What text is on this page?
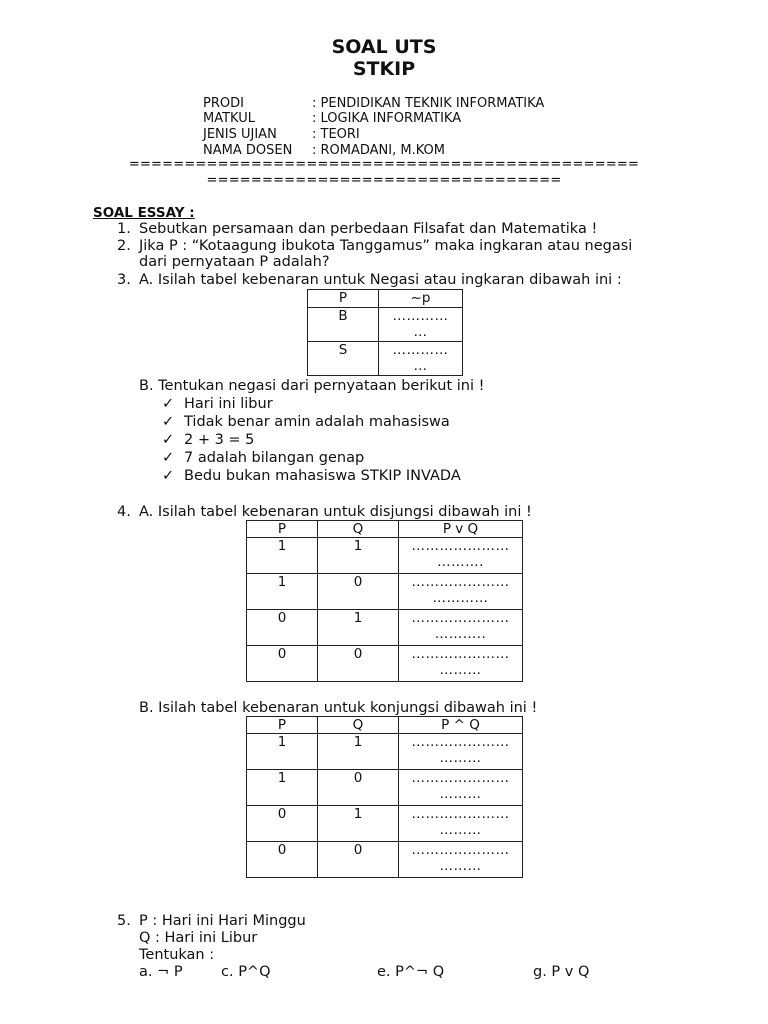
SOAL UTS
STKIP
PRODI	: PENDIDIKAN TEKNIK INFORMATIKA
MATKUL	: LOGIKA INFORMATIKA
JENIS UJIAN	: TEORI
NAMA DOSEN : ROMADANI, M.KOM
==============================================
================================
SOAL ESSAY :
1. Sebutkan persamaan dan perbedaan Filsafat dan Matematika !
2. Jika P : “Kotaagung ibukota Tanggamus” maka ingkaran atau negasi
dari pernyataan P adalah?
3. A. Isilah tabel kebenaran untuk Negasi atau ingkaran dibawah ini :
P	~p
B	…………
…

S	…………
…
B. Tentukan negasi dari pernyataan berikut ini !
✓ Hari ini libur
✓ Tidak benar amin adalah mahasiswa
✓ 2 + 3 = 5
✓ 7 adalah bilangan genap
✓ Bedu bukan mahasiswa STKIP INVADA
4. A. Isilah tabel kebenaran untuk disjungsi dibawah ini !
P	Q	P v Q
1	1	…………………
……….

1	0	…………………
…………

0	1	…………………
………..

0	0	…………………
………
B. Isilah tabel kebenaran untuk konjungsi dibawah ini !
P	Q	P ^ Q
1	1	…………………
………

1	0	…………………
………

0	1	…………………
………

0	0	…………………
………
5. P : Hari ini Hari Minggu
Q : Hari ini Libur
Tentukan :
a. ¬ P	c. P^Q	e. P^¬ Q	g. P v Q
